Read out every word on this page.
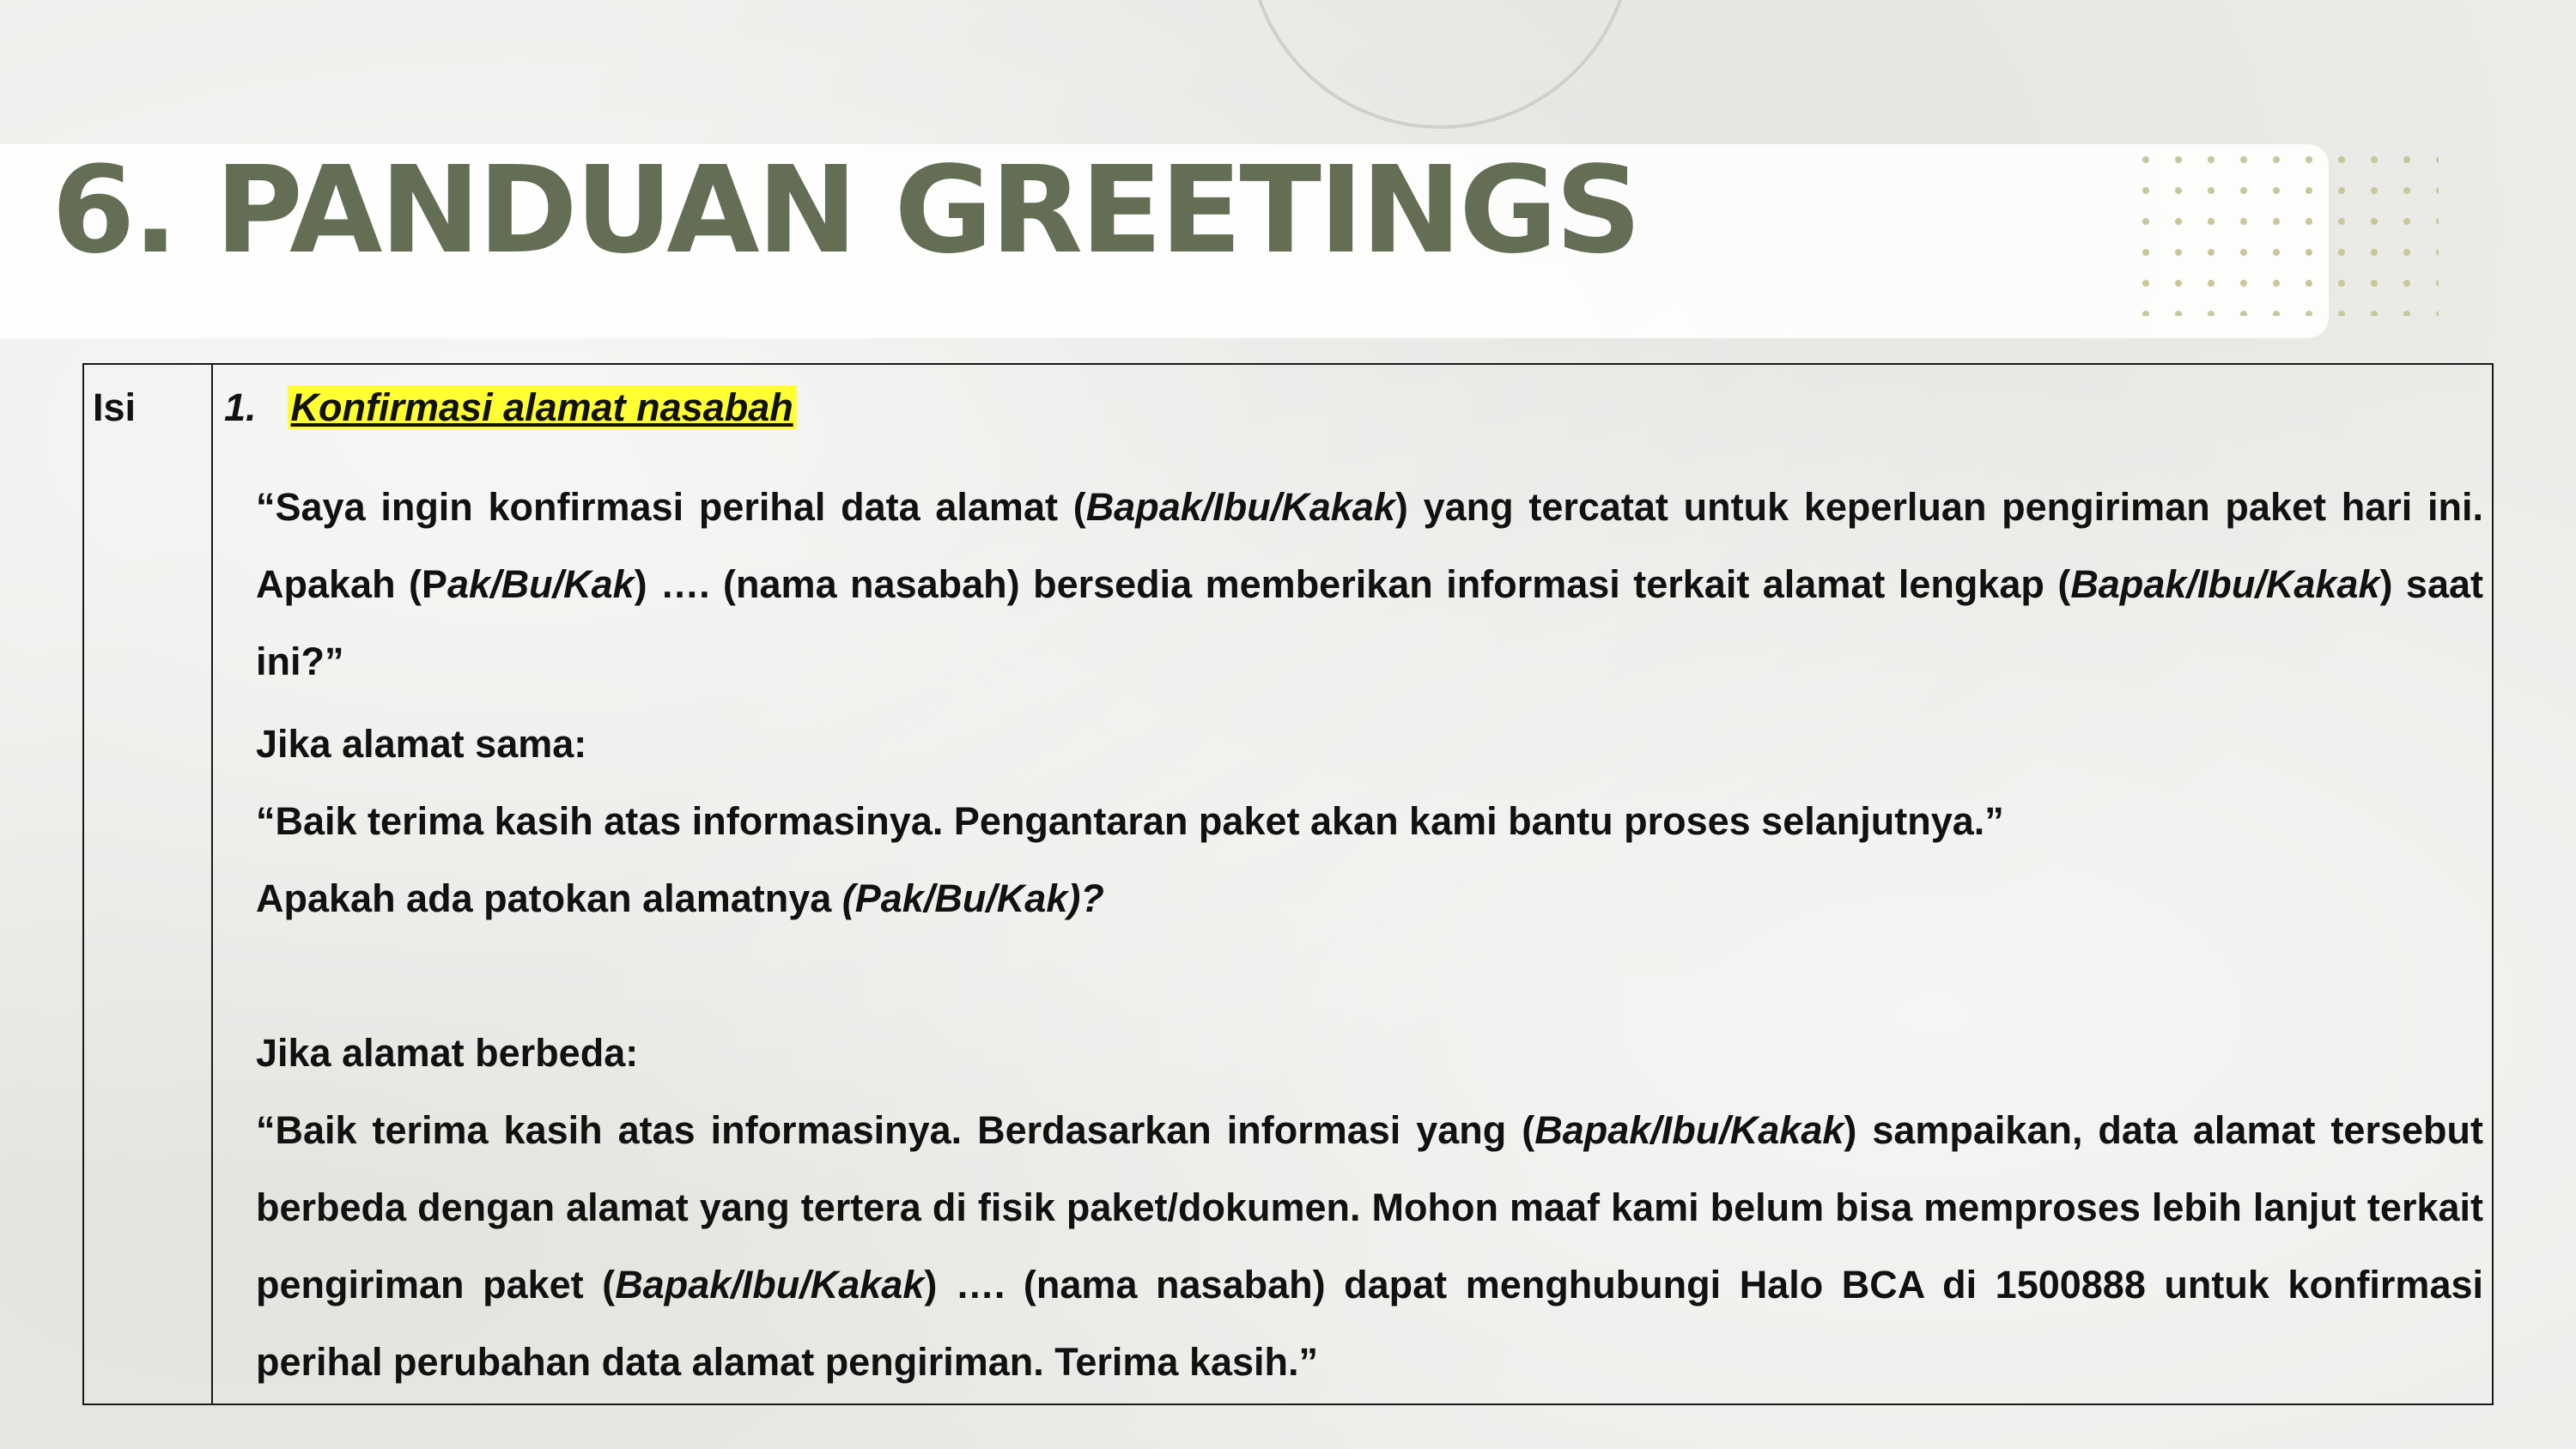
6. PANDUAN GREETINGS
Isi 1. Konfirmasi alamat nasabah

“Saya ingin konfirmasi perihal data alamat (Bapak/Ibu/Kakak) yang tercatat untuk keperluan pengiriman paket hari ini. Apakah (Pak/Bu/Kak) …. (nama nasabah) bersedia memberikan informasi terkait alamat lengkap (Bapak/Ibu/Kakak) saat ini?”

Jika alamat sama:

“Baik terima kasih atas informasinya. Pengantaran paket akan kami bantu proses selanjutnya.”

Apakah ada patokan alamatnya (Pak/Bu/Kak)?

Jika alamat berbeda:

“Baik terima kasih atas informasinya. Berdasarkan informasi yang (Bapak/Ibu/Kakak) sampaikan, data alamat tersebut berbeda dengan alamat yang tertera di fisik paket/dokumen. Mohon maaf kami belum bisa memproses lebih lanjut terkait pengiriman paket (Bapak/Ibu/Kakak) …. (nama nasabah) dapat menghubungi Halo BCA di 1500888 untuk konfirmasi perihal perubahan data alamat pengiriman. Terima kasih.”
